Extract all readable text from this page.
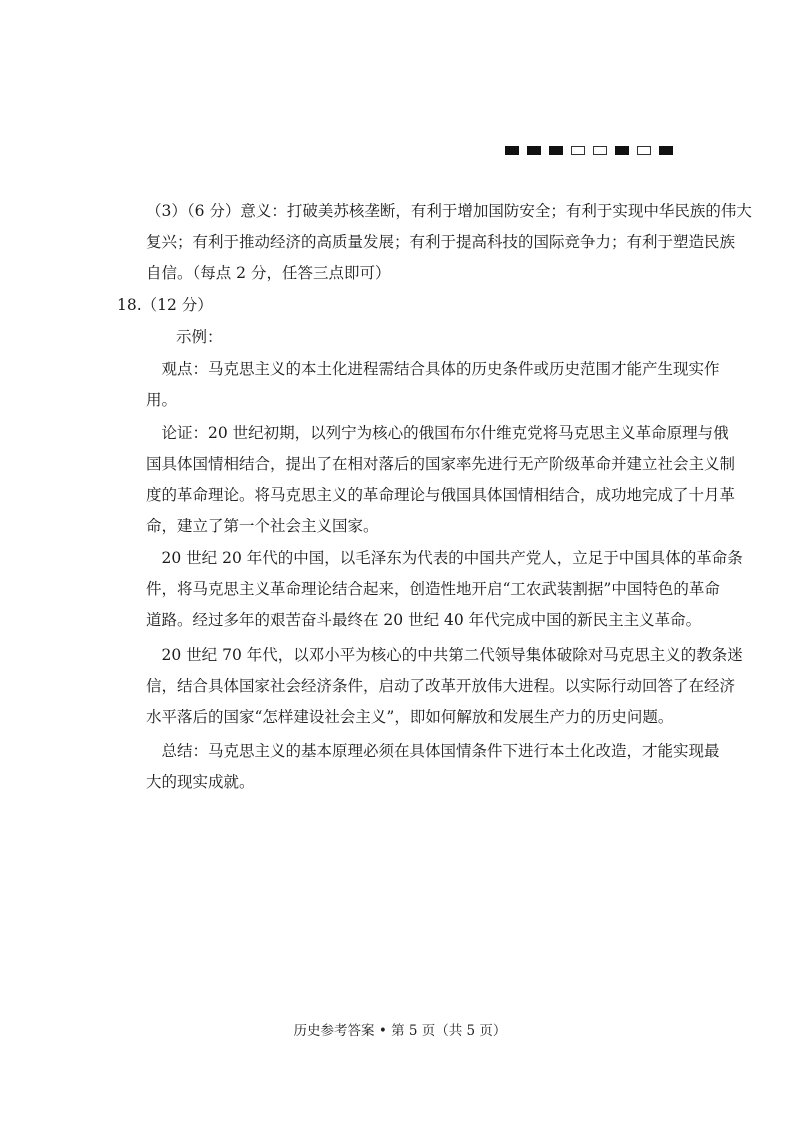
（3）（6 分）意义：打破美苏核垄断，有利于增加国防安全；有利于实现中华民族的伟大
复兴；有利于推动经济的高质量发展；有利于提高科技的国际竞争力；有利于塑造民族
自信。（每点 2 分，任答三点即可）
18.（12 分）
示例：
　观点：马克思主义的本土化进程需结合具体的历史条件或历史范围才能产生现实作
用。
　论证：20 世纪初期，以列宁为核心的俄国布尔什维克党将马克思主义革命原理与俄
国具体国情相结合，提出了在相对落后的国家率先进行无产阶级革命并建立社会主义制
度的革命理论。将马克思主义的革命理论与俄国具体国情相结合，成功地完成了十月革
命，建立了第一个社会主义国家。
　20 世纪 20 年代的中国，以毛泽东为代表的中国共产党人，立足于中国具体的革命条
件，将马克思主义革命理论结合起来，创造性地开启“工农武装割据”中国特色的革命
道路。经过多年的艰苦奋斗最终在 20 世纪 40 年代完成中国的新民主主义革命。
　20 世纪 70 年代，以邓小平为核心的中共第二代领导集体破除对马克思主义的教条迷
信，结合具体国家社会经济条件，启动了改革开放伟大进程。以实际行动回答了在经济
水平落后的国家“怎样建设社会主义”，即如何解放和发展生产力的历史问题。
　总结：马克思主义的基本原理必须在具体国情条件下进行本土化改造，才能实现最
大的现实成就。
历史参考答案 • 第 5 页（共 5 页）
